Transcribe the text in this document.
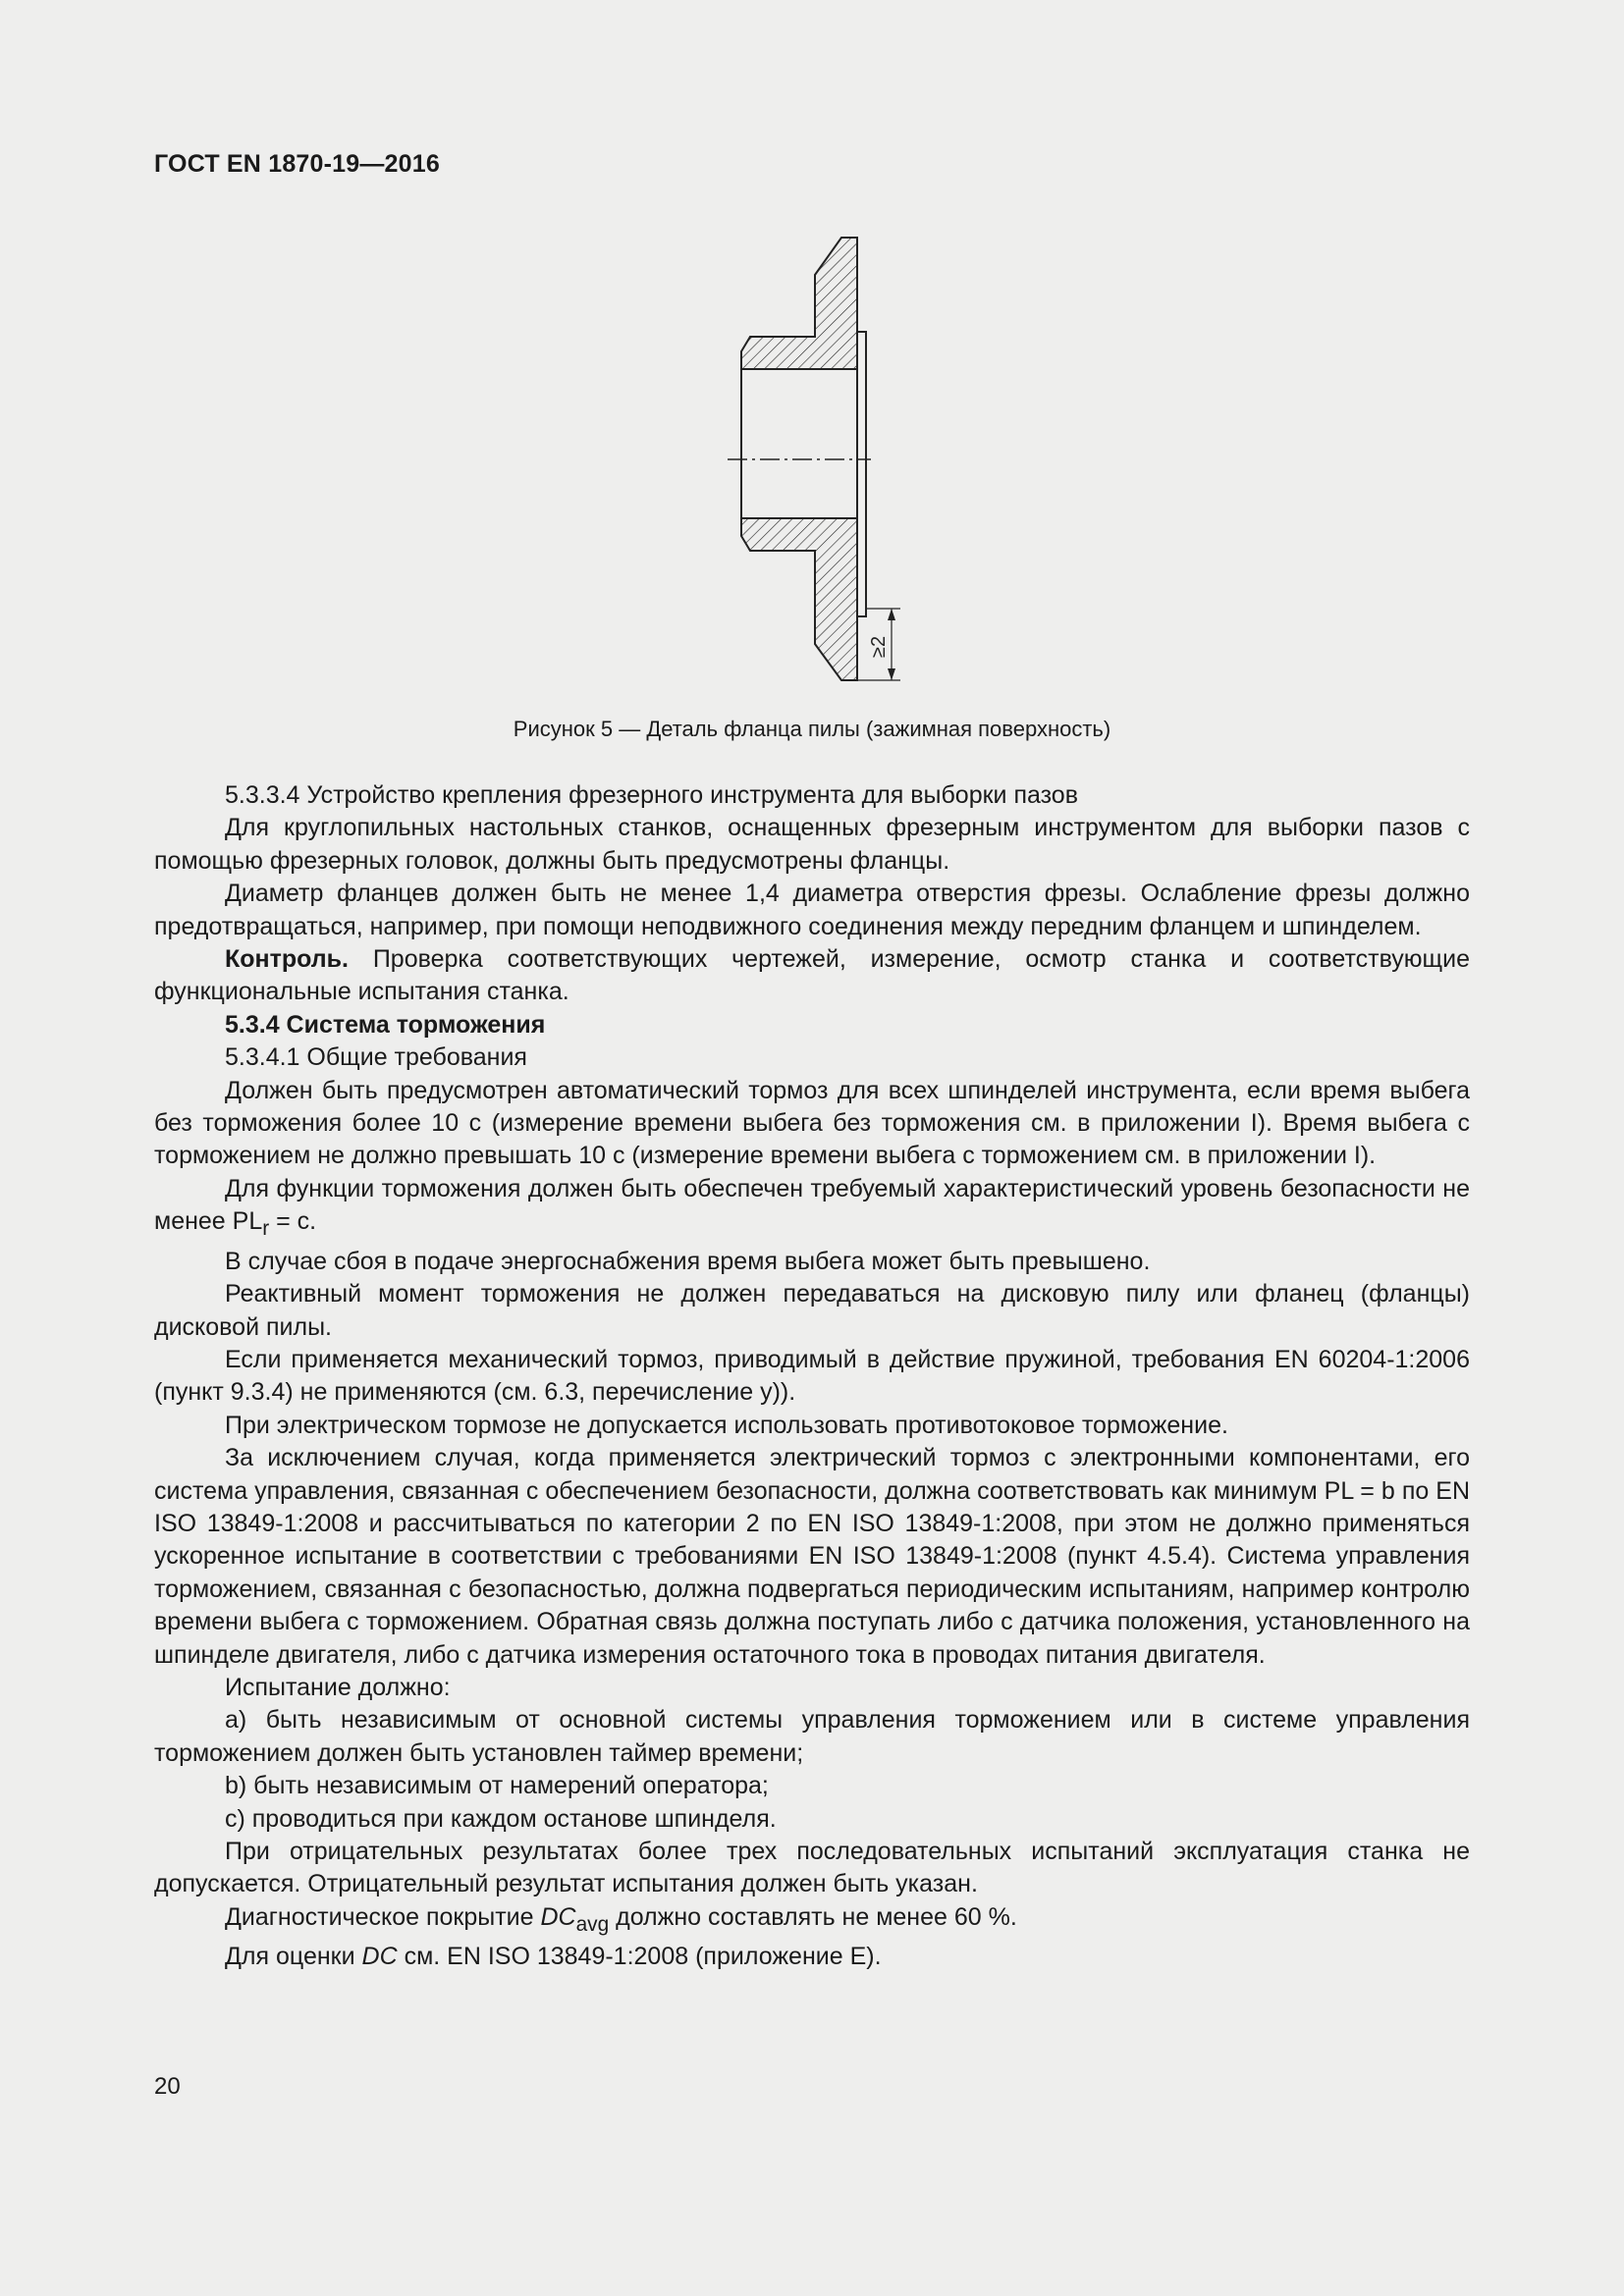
ГОСТ EN 1870-19—2016
≥2
Рисунок 5 — Деталь фланца пилы (зажимная поверхность)

5.3.3.4 Устройство крепления фрезерного инструмента для выборки пазов

Для круглопильных настольных станков, оснащенных фрезерным инструментом для выборки пазов с помощью фрезерных головок, должны быть предусмотрены фланцы.

Диаметр фланцев должен быть не менее 1,4 диаметра отверстия фрезы. Ослабление фрезы должно предотвращаться, например, при помощи неподвижного соединения между передним фланцем и шпинделем.

Контроль. Проверка соответствующих чертежей, измерение, осмотр станка и соответствующие функциональные испытания станка.

5.3.4 Система торможения

5.3.4.1 Общие требования

Должен быть предусмотрен автоматический тормоз для всех шпинделей инструмента, если время выбега без торможения более 10 с (измерение времени выбега без торможения см. в приложении I). Время выбега с торможением не должно превышать 10 с (измерение времени выбега с торможением см. в приложении I).

Для функции торможения должен быть обеспечен требуемый характеристический уровень безопасности не менее $PL_r = c$.

В случае сбоя в подаче энергоснабжения время выбега может быть превышено.

Реактивный момент торможения не должен передаваться на дисковую пилу или фланец (фланцы) дисковой пилы.

Если применяется механический тормоз, приводимый в действие пружиной, требования EN 60204-1:2006 (пункт 9.3.4) не применяются (см. 6.3, перечисление у)).

При электрическом тормозе не допускается использовать противотоковое торможение.

За исключением случая, когда применяется электрический тормоз с электронными компонентами, его система управления, связанная с обеспечением безопасности, должна соответствовать как минимум PL = b по EN ISO 13849-1:2008 и рассчитываться по категории 2 по EN ISO 13849-1:2008, при этом не должно применяться ускоренное испытание в соответствии с требованиями EN ISO 13849-1:2008 (пункт 4.5.4). Система управления торможением, связанная с безопасностью, должна подвергаться периодическим испытаниям, например контролю времени выбега с торможением. Обратная связь должна поступать либо с датчика положения, установленного на шпинделе двигателя, либо с датчика измерения остаточного тока в проводах питания двигателя.

Испытание должно:

a) быть независимым от основной системы управления торможением или в системе управления торможением должен быть установлен таймер времени;

b) быть независимым от намерений оператора;

c) проводиться при каждом останове шпинделя.

При отрицательных результатах более трех последовательных испытаний эксплуатация станка не допускается. Отрицательный результат испытания должен быть указан.

Диагностическое покрытие $DC_{avg}$ должно составлять не менее 60 %.

Для оценки DC см. EN ISO 13849-1:2008 (приложение E).

20
